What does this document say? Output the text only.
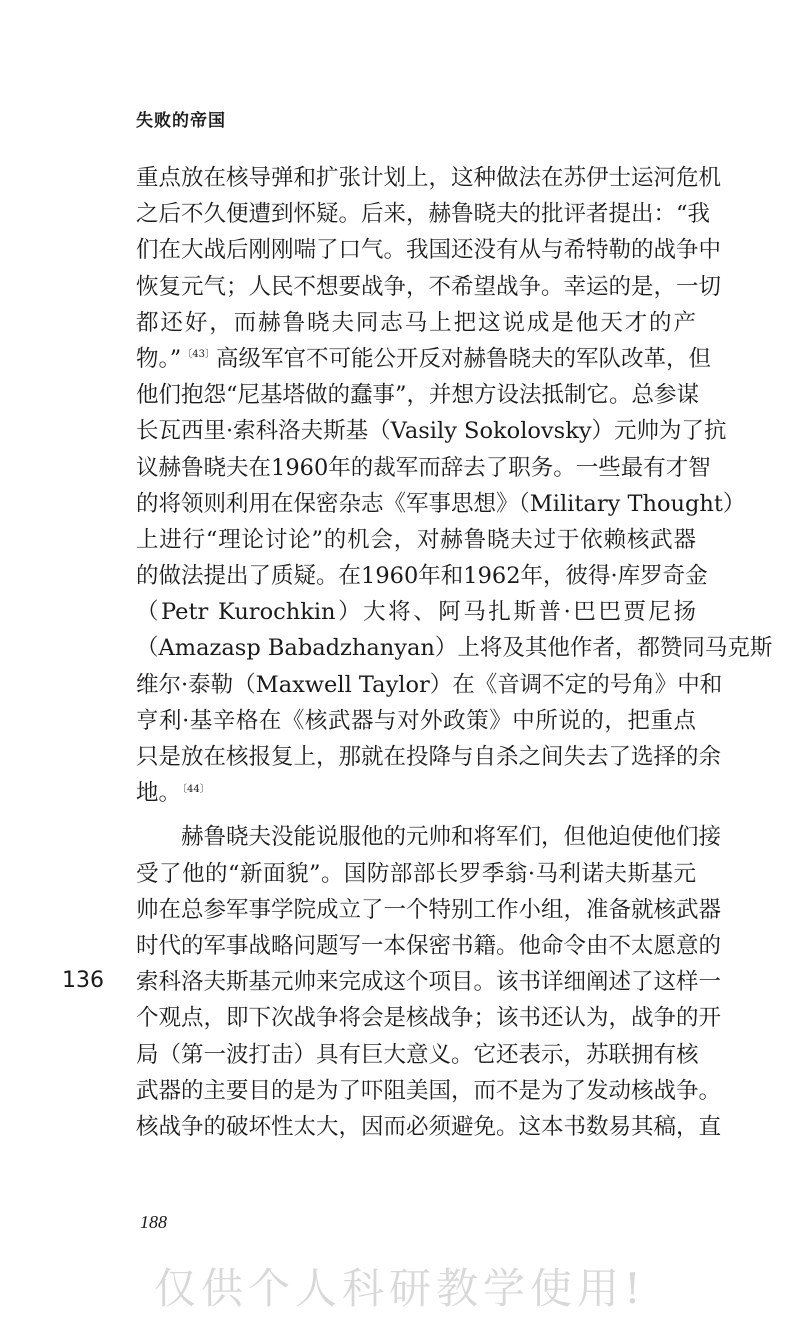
失败的帝国
重点放在核导弹和扩张计划上，这种做法在苏伊士运河危机
之后不久便遭到怀疑。后来，赫鲁晓夫的批评者提出：“我
们在大战后刚刚喘了口气。我国还没有从与希特勒的战争中
恢复元气；人民不想要战争，不希望战争。幸运的是，一切
都还好，而赫鲁晓夫同志马上把这说成是他天才的产
物。”$^{〔43〕}$高级军官不可能公开反对赫鲁晓夫的军队改革，但
他们抱怨“尼基塔做的蠢事”，并想方设法抵制它。总参谋
长瓦西里·索科洛夫斯基（Vasily Sokolovsky）元帅为了抗
议赫鲁晓夫在1960年的裁军而辞去了职务。一些最有才智
的将领则利用在保密杂志《军事思想》（Military Thought）
上进行“理论讨论”的机会，对赫鲁晓夫过于依赖核武器
的做法提出了质疑。在1960年和1962年，彼得·库罗奇金
（Petr Kurochkin）大将、阿马扎斯普·巴巴贾尼扬
（Amazasp Babadzhanyan）上将及其他作者，都赞同马克斯
维尔·泰勒（Maxwell Taylor）在《音调不定的号角》中和
亨利·基辛格在《核武器与对外政策》中所说的，把重点
只是放在核报复上，那就在投降与自杀之间失去了选择的余
地。$^{〔44〕}$
赫鲁晓夫没能说服他的元帅和将军们，但他迫使他们接
受了他的“新面貌”。国防部部长罗季翁·马利诺夫斯基元
帅在总参军事学院成立了一个特别工作小组，准备就核武器
时代的军事战略问题写一本保密书籍。他命令由不太愿意的
索科洛夫斯基元帅来完成这个项目。该书详细阐述了这样一
个观点，即下次战争将会是核战争；该书还认为，战争的开
局（第一波打击）具有巨大意义。它还表示，苏联拥有核
武器的主要目的是为了吓阻美国，而不是为了发动核战争。
核战争的破坏性太大，因而必须避免。这本书数易其稿，直
136
188
仅供个人科研教学使用!
